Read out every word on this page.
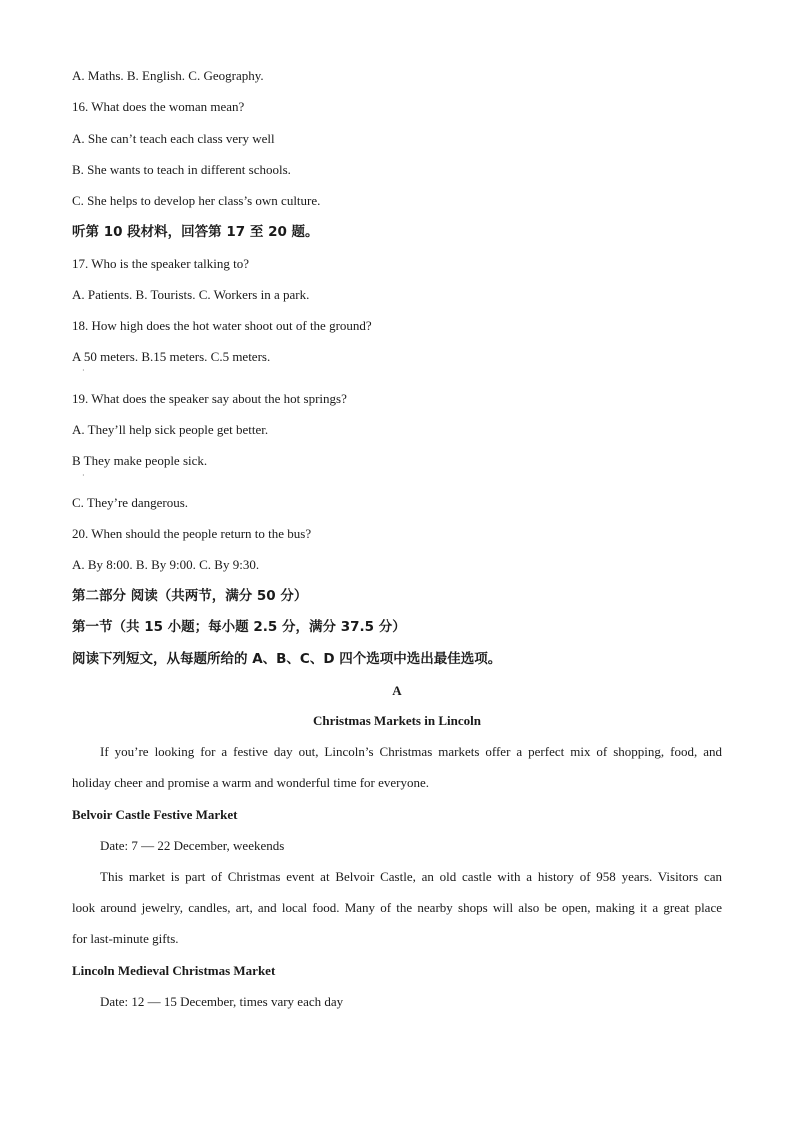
A. Maths. B. English. C. Geography.
16. What does the woman mean?
A. She can’t teach each class very well
B. She wants to teach in different schools.
C. She helps to develop her class’s own culture.
听第 10 段材料，回答第 17 至 20 题。
17. Who is the speaker talking to?
A. Patients. B. Tourists. C. Workers in a park.
18. How high does the hot water shoot out of the ground?
A 50 meters. B.15 meters. C.5 meters.
·
19. What does the speaker say about the hot springs?
A. They’ll help sick people get better.
B They make people sick.
·
C. They’re dangerous.
20. When should the people return to the bus?
A. By 8:00. B. By 9:00. C. By 9:30.
第二部分 阅读（共两节，满分 50 分）
第一节（共 15 小题；每小题 2.5 分，满分 37.5 分）
阅读下列短文，从每题所给的 A、B、C、D 四个选项中选出最佳选项。
A
Christmas Markets in Lincoln
If you’re looking for a festive day out, Lincoln’s Christmas markets offer a perfect mix of shopping, food, and
holiday cheer and promise a warm and wonderful time for everyone.
Belvoir Castle Festive Market
Date: 7 — 22 December, weekends
This market is part of Christmas event at Belvoir Castle, an old castle with a history of 958 years. Visitors can
look around jewelry, candles, art, and local food. Many of the nearby shops will also be open, making it a great place
for last-minute gifts.
Lincoln Medieval Christmas Market
Date: 12 — 15 December, times vary each day
